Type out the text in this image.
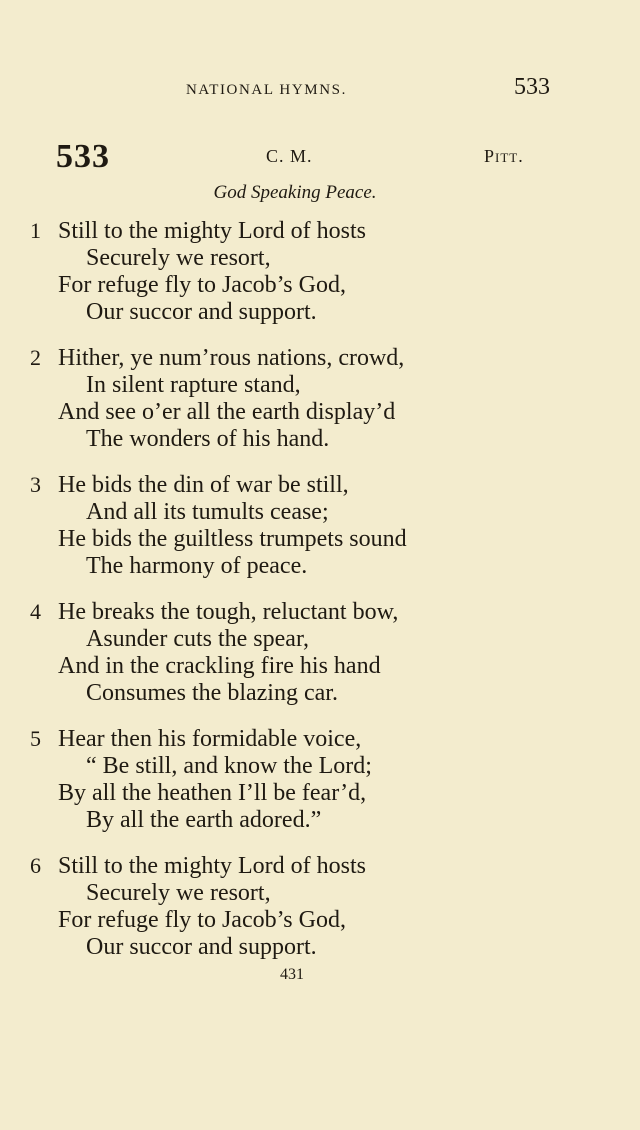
NATIONAL HYMNS.	533
533	C. M.	Pitt.
God Speaking Peace.
1 Still to the mighty Lord of hosts
Securely we resort,
For refuge fly to Jacob’s God,
Our succor and support.
2 Hither, ye num’rous nations, crowd,
In silent rapture stand,
And see o’er all the earth display’d
The wonders of his hand.
3 He bids the din of war be still,
And all its tumults cease;
He bids the guiltless trumpets sound
The harmony of peace.
4 He breaks the tough, reluctant bow,
Asunder cuts the spear,
And in the crackling fire his hand
Consumes the blazing car.
5 Hear then his formidable voice,
“ Be still, and know the Lord;
By all the heathen I’ll be fear’d,
By all the earth adored.”
6 Still to the mighty Lord of hosts
Securely we resort,
For refuge fly to Jacob’s God,
Our succor and support.
431
